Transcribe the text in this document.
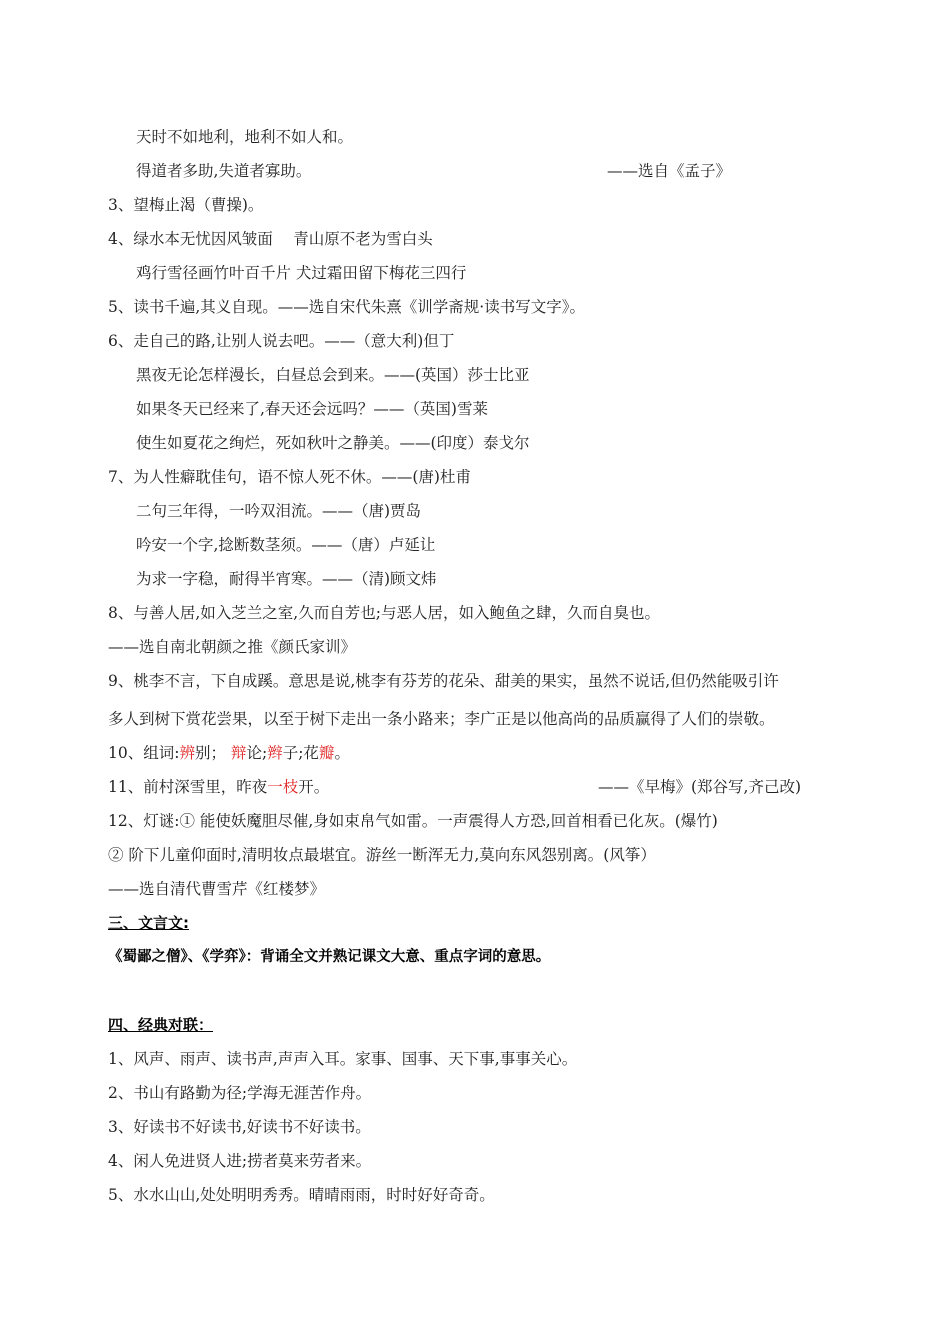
天时不如地利，地利不如人和。
得道者多助,失道者寡助。	——选自《孟子》
3、望梅止渴（曹操)。
4、绿水本无忧因风皱面　 青山原不老为雪白头
鸡行雪径画竹叶百千片 犬过霜田留下梅花三四行
5、读书千遍,其义自现。——选自宋代朱熹《训学斋规·读书写文字》。
6、走自己的路,让别人说去吧。——（意大利)但丁
黑夜无论怎样漫长，白昼总会到来。——(英国）莎士比亚
如果冬天已经来了,春天还会远吗？——（英国)雪莱
使生如夏花之绚烂，死如秋叶之静美。——(印度）泰戈尔
7、为人性癖耽佳句，语不惊人死不休。——(唐)杜甫
二句三年得，一吟双泪流。——（唐)贾岛
吟安一个字,捻断数茎须。——（唐）卢延让
为求一字稳，耐得半宵寒。——（清)顾文炜
8、与善人居,如入芝兰之室,久而自芳也;与恶人居，如入鲍鱼之肆，久而自臭也。
——选自南北朝颜之推《颜氏家训》
9、桃李不言，下自成蹊。意思是说,桃李有芬芳的花朵、甜美的果实，虽然不说话,但仍然能吸引许
多人到树下赏花尝果，以至于树下走出一条小路来；李广正是以他高尚的品质赢得了人们的崇敬。
10、组词:辨别； 辩论;辫子;花瓣。
11、前村深雪里，昨夜一枝开。	——《早梅》(郑谷写,齐己改)
12、灯谜:① 能使妖魔胆尽催,身如束帛气如雷。一声震得人方恐,回首相看已化灰。(爆竹)
② 阶下儿童仰面时,清明妆点最堪宜。游丝一断浑无力,莫向东风怨别离。(风筝）
——选自清代曹雪芹《红楼梦》
三、文言文:
《蜀鄙之僧》、《学弈》：背诵全文并熟记课文大意、重点字词的意思。
四、经典对联：
1、风声、雨声、读书声,声声入耳。家事、国事、天下事,事事关心。
2、书山有路勤为径;学海无涯苦作舟。
3、好读书不好读书,好读书不好读书。
4、闲人免进贤人进;捞者莫来劳者来。
5、水水山山,处处明明秀秀。晴晴雨雨，时时好好奇奇。
